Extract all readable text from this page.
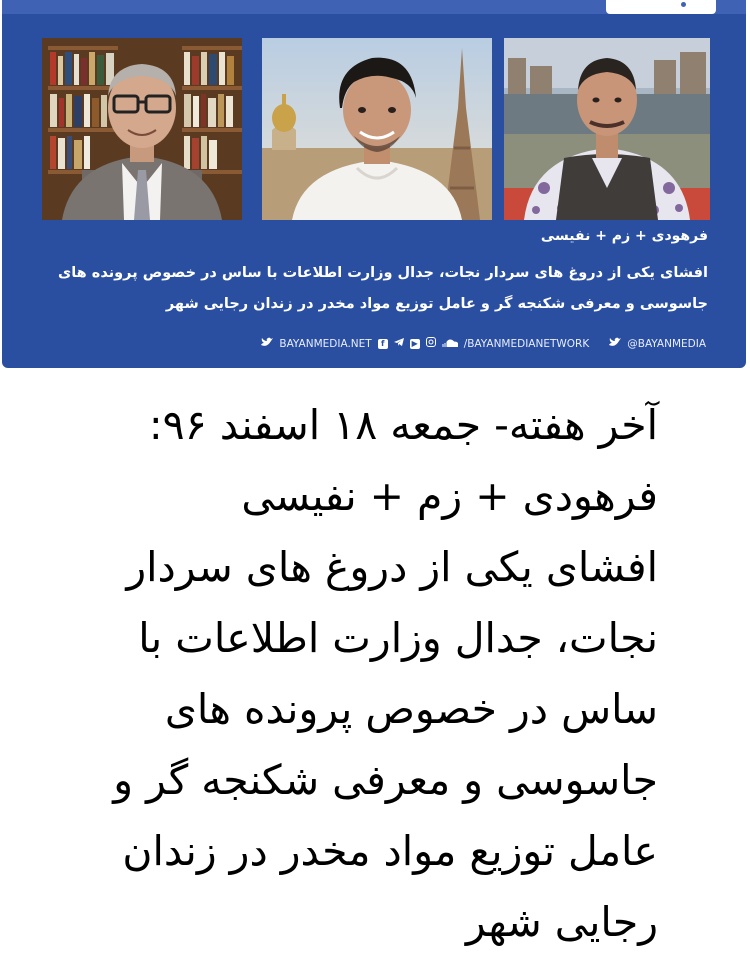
فرهودی + زم + نفیسی
افشای یکی از دروغ های سردار نجات، جدال وزارت اطلاعات با ساس در خصوص پرونده های
جاسوسی و معرفی شکنجه گر و عامل توزیع مواد مخدر در زندان رجایی شهر
BAYANMEDIA.NET	f	▶	/BAYANMEDIANETWORK	@BAYANMEDIA
آخر هفته- جمعه ۱۸ اسفند ۹۶:
فرهودی + زم + نفیسی
افشای یکی از دروغ های سردار
نجات، جدال وزارت اطلاعات با
ساس در خصوص پرونده های
جاسوسی و معرفی شکنجه گر و
عامل توزیع مواد مخدر در زندان
رجایی شهر
